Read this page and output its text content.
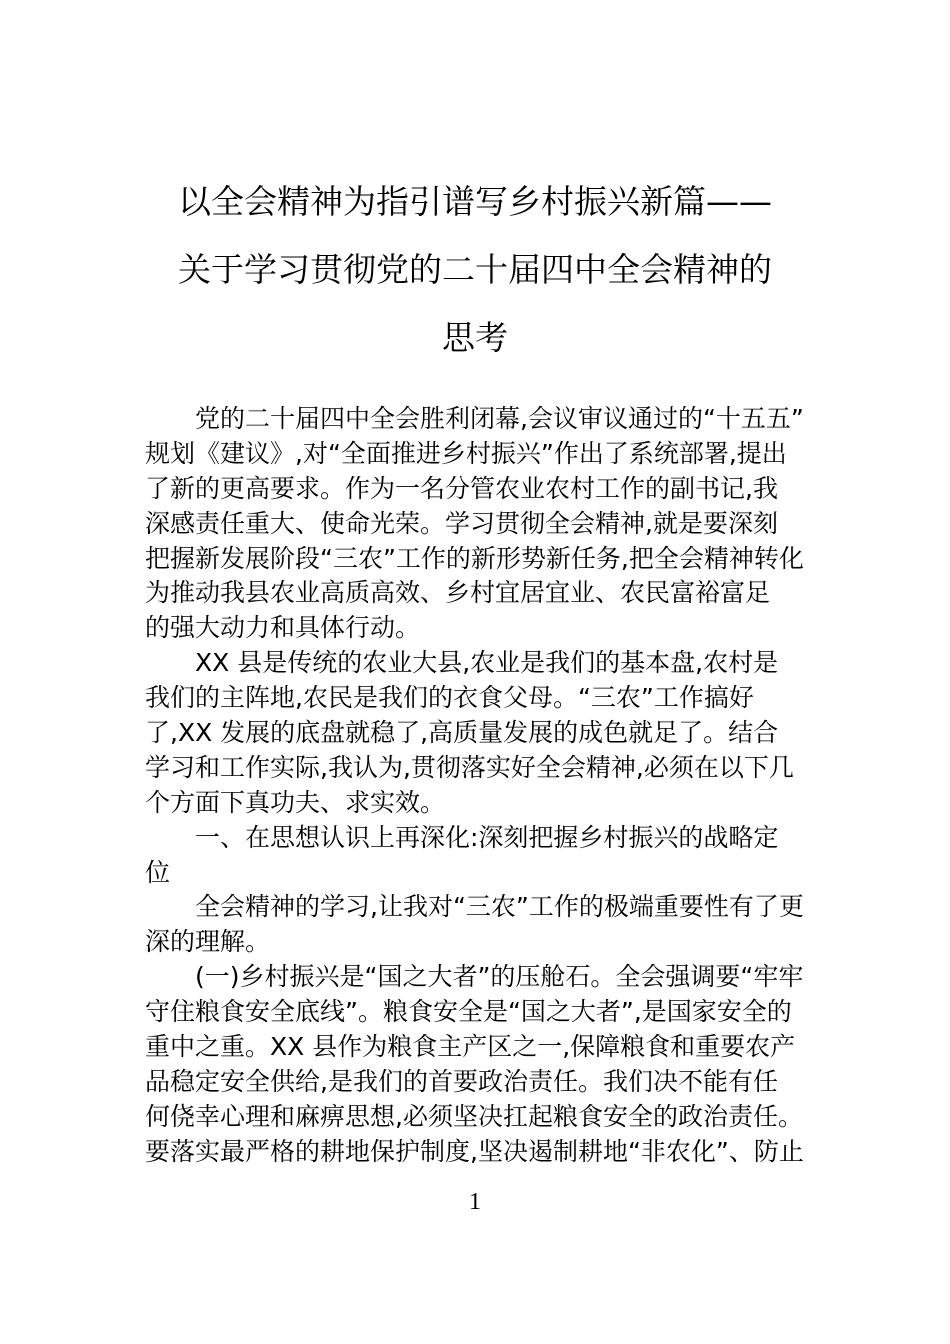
以全会精神为指引谱写乡村振兴新篇——
关于学习贯彻党的二十届四中全会精神的
思考
党的二十届四中全会胜利闭幕,会议审议通过的“十五五”
规划《建议》,对“全面推进乡村振兴”作出了系统部署,提出
了新的更高要求。作为一名分管农业农村工作的副书记,我
深感责任重大、使命光荣。学习贯彻全会精神,就是要深刻
把握新发展阶段“三农”工作的新形势新任务,把全会精神转化
为推动我县农业高质高效、乡村宜居宜业、农民富裕富足
的强大动力和具体行动。
XX 县是传统的农业大县,农业是我们的基本盘,农村是
我们的主阵地,农民是我们的衣食父母。“三农”工作搞好
了,XX 发展的底盘就稳了,高质量发展的成色就足了。结合
学习和工作实际,我认为,贯彻落实好全会精神,必须在以下几
个方面下真功夫、求实效。
一、在思想认识上再深化:深刻把握乡村振兴的战略定
位
全会精神的学习,让我对“三农”工作的极端重要性有了更
深的理解。
(一)乡村振兴是“国之大者”的压舱石。全会强调要“牢牢
守住粮食安全底线”。粮食安全是“国之大者”,是国家安全的
重中之重。XX 县作为粮食主产区之一,保障粮食和重要农产
品稳定安全供给,是我们的首要政治责任。我们决不能有任
何侥幸心理和麻痹思想,必须坚决扛起粮食安全的政治责任。
要落实最严格的耕地保护制度,坚决遏制耕地“非农化”、防止
1
